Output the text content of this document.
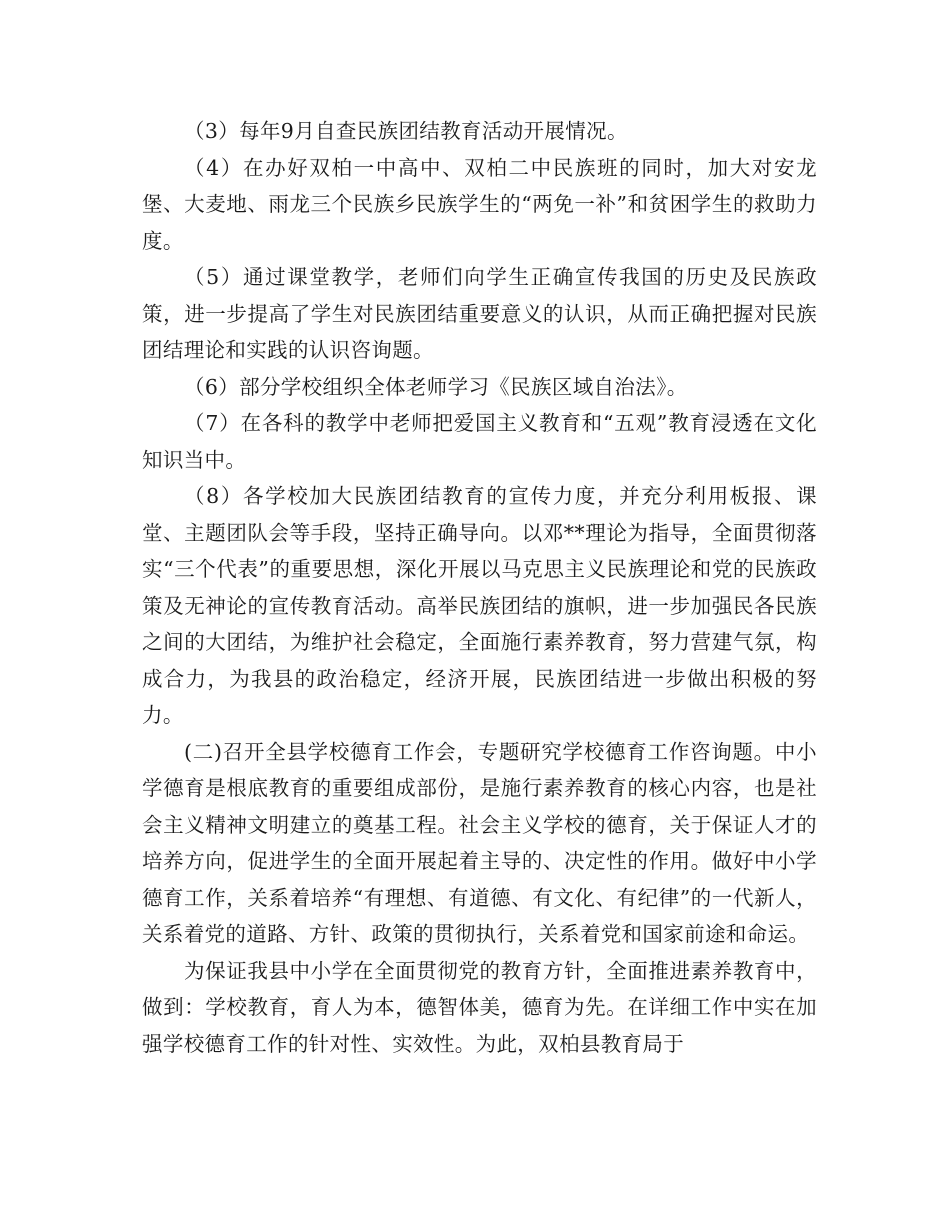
（3）每年9月自查民族团结教育活动开展情况。

（4）在办好双柏一中高中、双柏二中民族班的同时，加大对安龙堡、大麦地、雨龙三个民族乡民族学生的“两免一补”和贫困学生的救助力度。

（5）通过课堂教学，老师们向学生正确宣传我国的历史及民族政策，进一步提高了学生对民族团结重要意义的认识，从而正确把握对民族团结理论和实践的认识咨询题。

（6）部分学校组织全体老师学习《民族区域自治法》。

（7）在各科的教学中老师把爱国主义教育和“五观”教育浸透在文化知识当中。

（8）各学校加大民族团结教育的宣传力度，并充分利用板报、课堂、主题团队会等手段，坚持正确导向。以邓**理论为指导，全面贯彻落实“三个代表”的重要思想，深化开展以马克思主义民族理论和党的民族政策及无神论的宣传教育活动。高举民族团结的旗帜，进一步加强民各民族之间的大团结，为维护社会稳定，全面施行素养教育，努力营建气氛，构成合力，为我县的政治稳定，经济开展，民族团结进一步做出积极的努力。

(二)召开全县学校德育工作会，专题研究学校德育工作咨询题。中小学德育是根底教育的重要组成部份，是施行素养教育的核心内容，也是社会主义精神文明建立的奠基工程。社会主义学校的德育，关于保证人才的培养方向，促进学生的全面开展起着主导的、决定性的作用。做好中小学德育工作，关系着培养“有理想、有道德、有文化、有纪律”的一代新人，关系着党的道路、方针、政策的贯彻执行，关系着党和国家前途和命运。

为保证我县中小学在全面贯彻党的教育方针，全面推进素养教育中，做到：学校教育，育人为本，德智体美，德育为先。在详细工作中实在加强学校德育工作的针对性、实效性。为此，双柏县教育局于
